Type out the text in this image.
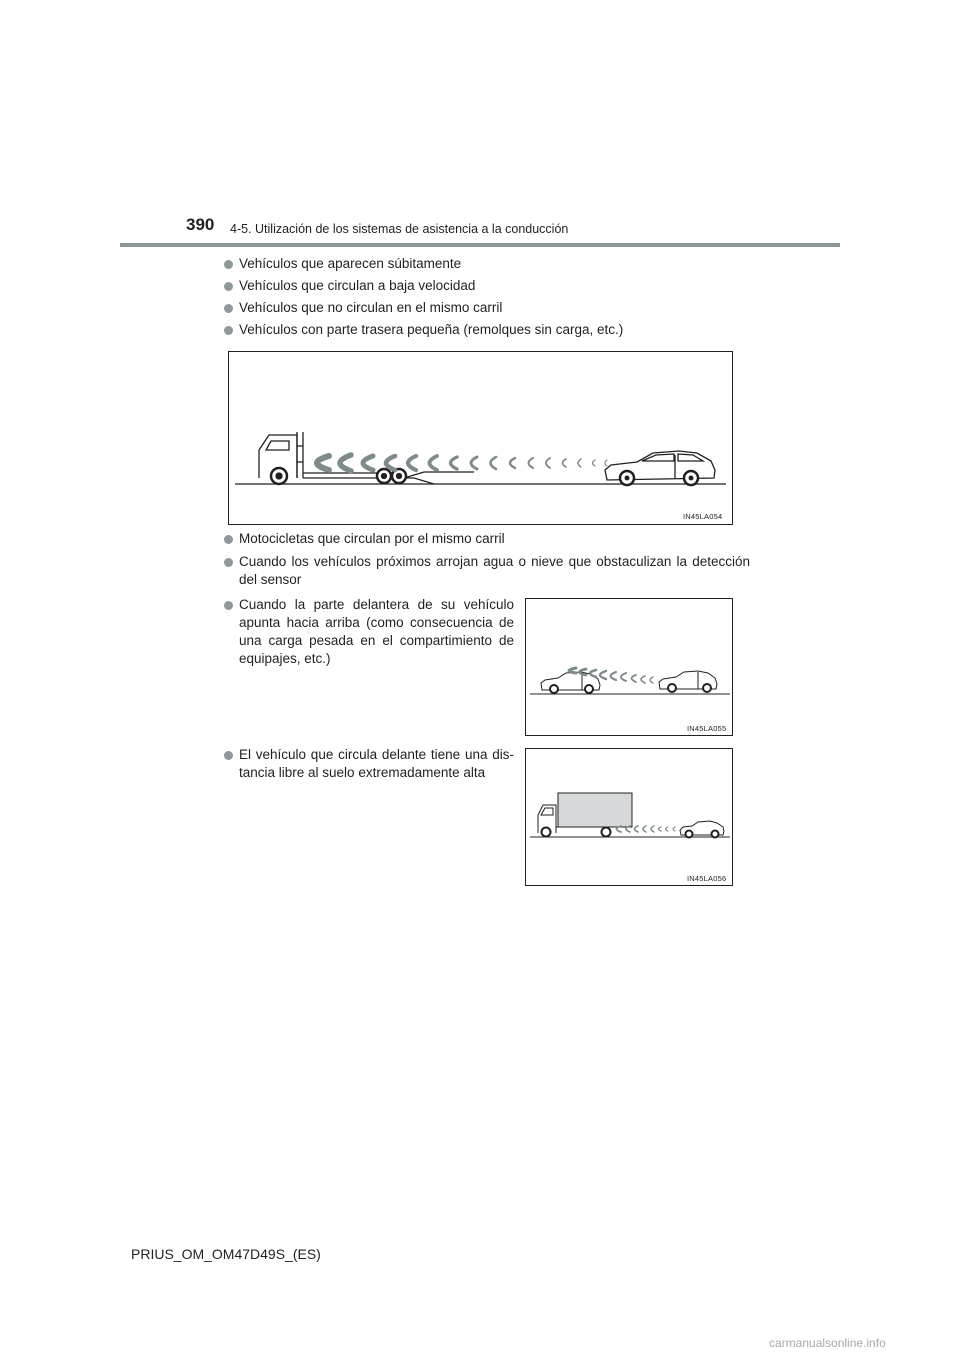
390 4-5. Utilización de los sistemas de asistencia a la conducción
Vehículos que aparecen súbitamente
Vehículos que circulan a baja velocidad
Vehículos que no circulan en el mismo carril
Vehículos con parte trasera pequeña (remolques sin carga, etc.)
IN45LA054
Motocicletas que circulan por el mismo carril
Cuando los vehículos próximos arrojan agua o nieve que obstaculizan la detección del sensor
Cuando la parte delantera de su vehículo apunta hacia arriba (como consecuencia de una carga pesada en el compartimiento de equipajes, etc.)
IN45LA055
El vehículo que circula delante tiene una distancia libre al suelo extremadamente alta
IN45LA056
PRIUS_OM_OM47D49S_(ES)
carmanualsonline.info
